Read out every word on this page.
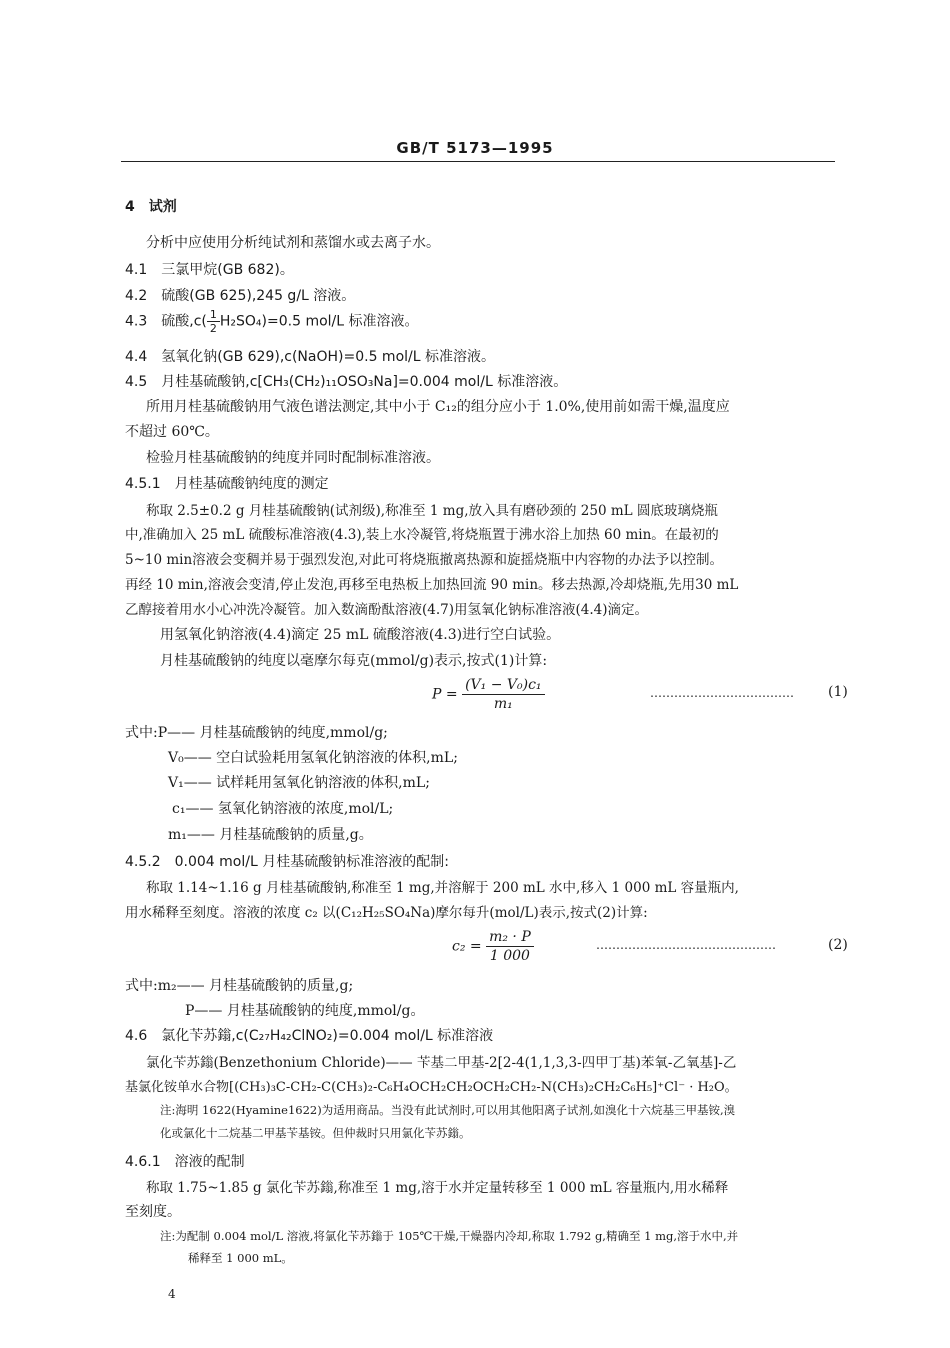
GB/T 5173—1995
4　试剂
分析中应使用分析纯试剂和蒸馏水或去离子水。
4.1　三氯甲烷(GB 682)。
4.2　硫酸(GB 625),245 g/L 溶液。
4.3　硫酸$,c( \frac{1}{2} H_2SO_4)=0.5$ mol/L 标准溶液。
4.4　氢氧化钠(GB 629),c(NaOH)=0.5 mol/L 标准溶液。
4.5　月桂基硫酸钠,c[CH₃(CH₂)₁₁OSO₃Na]=0.004 mol/L 标准溶液。
所用月桂基硫酸钠用气液色谱法测定,其中小于 C₁₂的组分应小于 1.0%,使用前如需干燥,温度应
不超过 60℃。
检验月桂基硫酸钠的纯度并同时配制标准溶液。
4.5.1　月桂基硫酸钠纯度的测定
称取 2.5±0.2 g 月桂基硫酸钠(试剂级),称准至 1 mg,放入具有磨砂颈的 250 mL 圆底玻璃烧瓶
中,准确加入 25 mL 硫酸标准溶液(4.3),装上水冷凝管,将烧瓶置于沸水浴上加热 60 min。在最初的
5~10 min溶液会变稠并易于强烈发泡,对此可将烧瓶撤离热源和旋摇烧瓶中内容物的办法予以控制。
再经 10 min,溶液会变清,停止发泡,再移至电热板上加热回流 90 min。移去热源,冷却烧瓶,先用30 mL
乙醇接着用水小心冲洗冷凝管。加入数滴酚酞溶液(4.7)用氢氧化钠标准溶液(4.4)滴定。
用氢氧化钠溶液(4.4)滴定 25 mL 硫酸溶液(4.3)进行空白试验。
月桂基硫酸钠的纯度以毫摩尔每克(mmol/g)表示,按式(1)计算:
$P = \frac{\text{(V₁ − V₀)c₁}}{\text{m₁}}$	……………………………… (1)
式中:P—— 月桂基硫酸钠的纯度,mmol/g;
V₀—— 空白试验耗用氢氧化钠溶液的体积,mL;
V₁—— 试样耗用氢氧化钠溶液的体积,mL;
c₁—— 氢氧化钠溶液的浓度,mol/L;
m₁—— 月桂基硫酸钠的质量,g。
4.5.2　0.004 mol/L 月桂基硫酸钠标准溶液的配制:
称取 1.14~1.16 g 月桂基硫酸钠,称准至 1 mg,并溶解于 200 mL 水中,移入 1 000 mL 容量瓶内,
用水稀释至刻度。溶液的浓度 c₂ 以(C₁₂H₂₅SO₄Na)摩尔每升(mol/L)表示,按式(2)计算:
$c_2 = \frac{\text{m₂ · P}}{1 000}$	………………………………………	(2)
式中:m₂—— 月桂基硫酸钠的质量,g;
P—— 月桂基硫酸钠的纯度,mmol/g。
4.6　氯化苄苏鎓,c(C₂₇H₄₂ClNO₂)=0.004 mol/L 标准溶液
氯化苄苏鎓(Benzethonium Chloride)—— 苄基二甲基-2[2-4(1,1,3,3-四甲丁基)苯氧-乙氧基]-乙
基氯化铵单水合物[(CH₃)₃C-CH₂-C(CH₃)₂-C₆H₄OCH₂CH₂OCH₂CH₂-N(CH₃)₂CH₂C₆H₅]⁺Cl⁻ · H₂O。
注:海明 1622(Hyamine1622)为适用商品。当没有此试剂时,可以用其他阳离子试剂,如溴化十六烷基三甲基铵,溴
化或氯化十二烷基二甲基苄基铵。但仲裁时只用氯化苄苏鎓。
4.6.1　溶液的配制
称取 1.75~1.85 g 氯化苄苏鎓,称准至 1 mg,溶于水并定量转移至 1 000 mL 容量瓶内,用水稀释
至刻度。
注:为配制 0.004 mol/L 溶液,将氯化苄苏鎓于 105℃干燥,干燥器内冷却,称取 1.792 g,精确至 1 mg,溶于水中,并
稀释至 1 000 mL。
4
